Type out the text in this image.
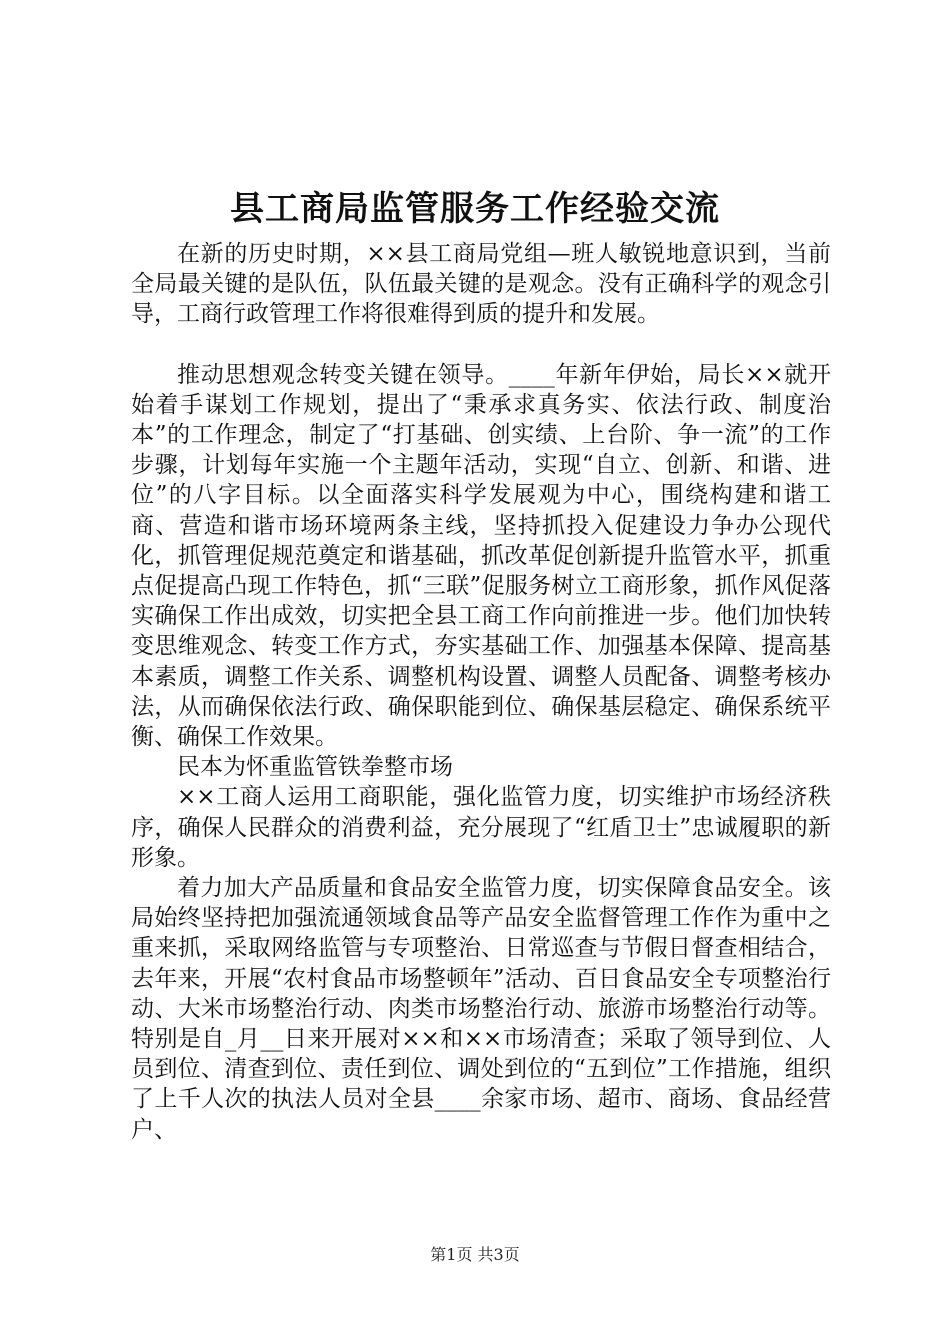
县工商局监管服务工作经验交流

在新的历史时期，××县工商局党组—班人敏锐地意识到，当前全局最关键的是队伍，队伍最关键的是观念。没有正确科学的观念引导，工商行政管理工作将很难得到质的提升和发展。

推动思想观念转变关键在领导。____年新年伊始，局长××就开始着手谋划工作规划，提出了“秉承求真务实、依法行政、制度治本”的工作理念，制定了“打基础、创实绩、上台阶、争一流”的工作步骤，计划每年实施一个主题年活动，实现“自立、创新、和谐、进位”的八字目标。以全面落实科学发展观为中心，围绕构建和谐工商、营造和谐市场环境两条主线，坚持抓投入促建设力争办公现代化，抓管理促规范奠定和谐基础，抓改革促创新提升监管水平，抓重点促提高凸现工作特色，抓“三联”促服务树立工商形象，抓作风促落实确保工作出成效，切实把全县工商工作向前推进一步。他们加快转变思维观念、转变工作方式，夯实基础工作、加强基本保障、提高基本素质，调整工作关系、调整机构设置、调整人员配备、调整考核办法，从而确保依法行政、确保职能到位、确保基层稳定、确保系统平衡、确保工作效果。

民本为怀重监管铁拳整市场

××工商人运用工商职能，强化监管力度，切实维护市场经济秩序，确保人民群众的消费利益，充分展现了“红盾卫士”忠诚履职的新形象。

着力加大产品质量和食品安全监管力度，切实保障食品安全。该局始终坚持把加强流通领域食品等产品安全监督管理工作作为重中之重来抓，采取网络监管与专项整治、日常巡查与节假日督查相结合，去年来，开展“农村食品市场整顿年”活动、百日食品安全专项整治行动、大米市场整治行动、肉类市场整治行动、旅游市场整治行动等。特别是自_月__日来开展对××和××市场清查；采取了领导到位、人员到位、清查到位、责任到位、调处到位的“五到位”工作措施，组织了上千人次的执法人员对全县____余家市场、超市、商场、食品经营户、

第1页 共3页
